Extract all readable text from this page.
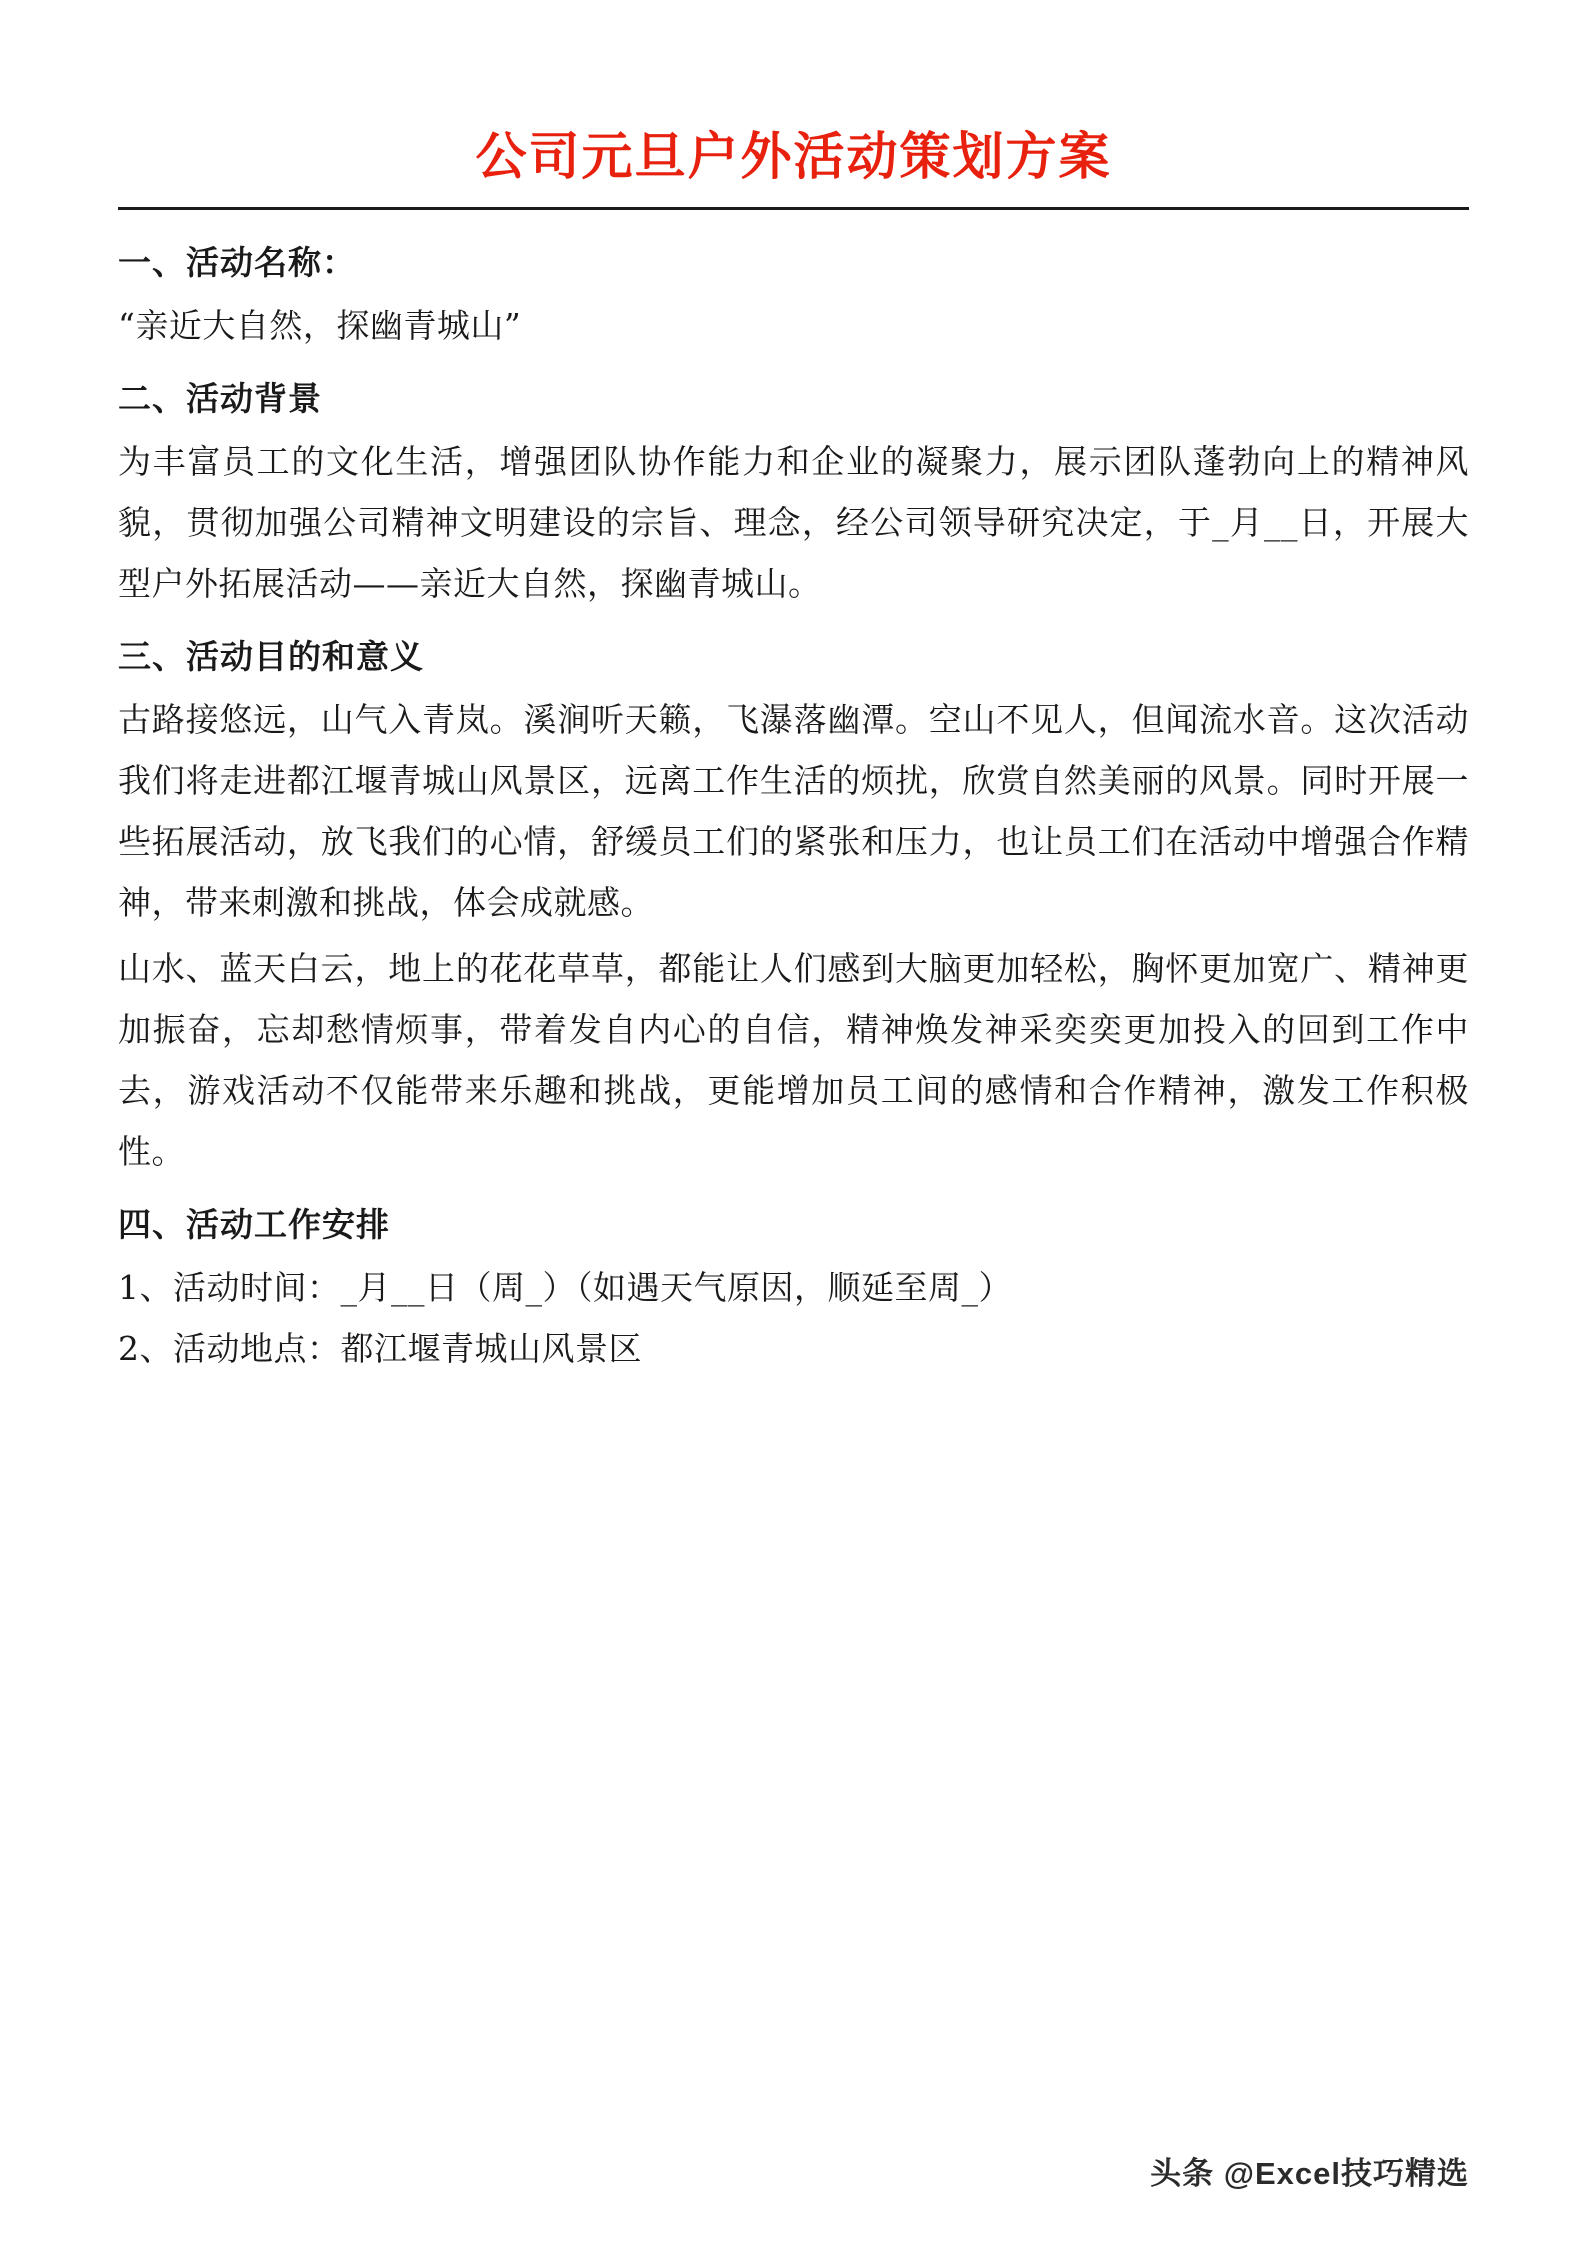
公司元旦户外活动策划方案
一、活动名称：

“亲近大自然，探幽青城山”

二、活动背景

为丰富员工的文化生活，增强团队协作能力和企业的凝聚力，展示团队蓬勃向上的精神风貌，贯彻加强公司精神文明建设的宗旨、理念，经公司领导研究决定，于_月__日，开展大型户外拓展活动——亲近大自然，探幽青城山。

三、活动目的和意义

古路接悠远，山气入青岚。溪涧听天籁，飞瀑落幽潭。空山不见人，但闻流水音。这次活动我们将走进都江堰青城山风景区，远离工作生活的烦扰，欣赏自然美丽的风景。同时开展一些拓展活动，放飞我们的心情，舒缓员工们的紧张和压力，也让员工们在活动中增强合作精神，带来刺激和挑战，体会成就感。

山水、蓝天白云，地上的花花草草，都能让人们感到大脑更加轻松，胸怀更加宽广、精神更加振奋，忘却愁情烦事，带着发自内心的自信，精神焕发神采奕奕更加投入的回到工作中去，游戏活动不仅能带来乐趣和挑战，更能增加员工间的感情和合作精神，激发工作积极性。

四、活动工作安排

1、活动时间：_月__日（周_）（如遇天气原因，顺延至周_）

2、活动地点：都江堰青城山风景区

头条 @Excel技巧精选
